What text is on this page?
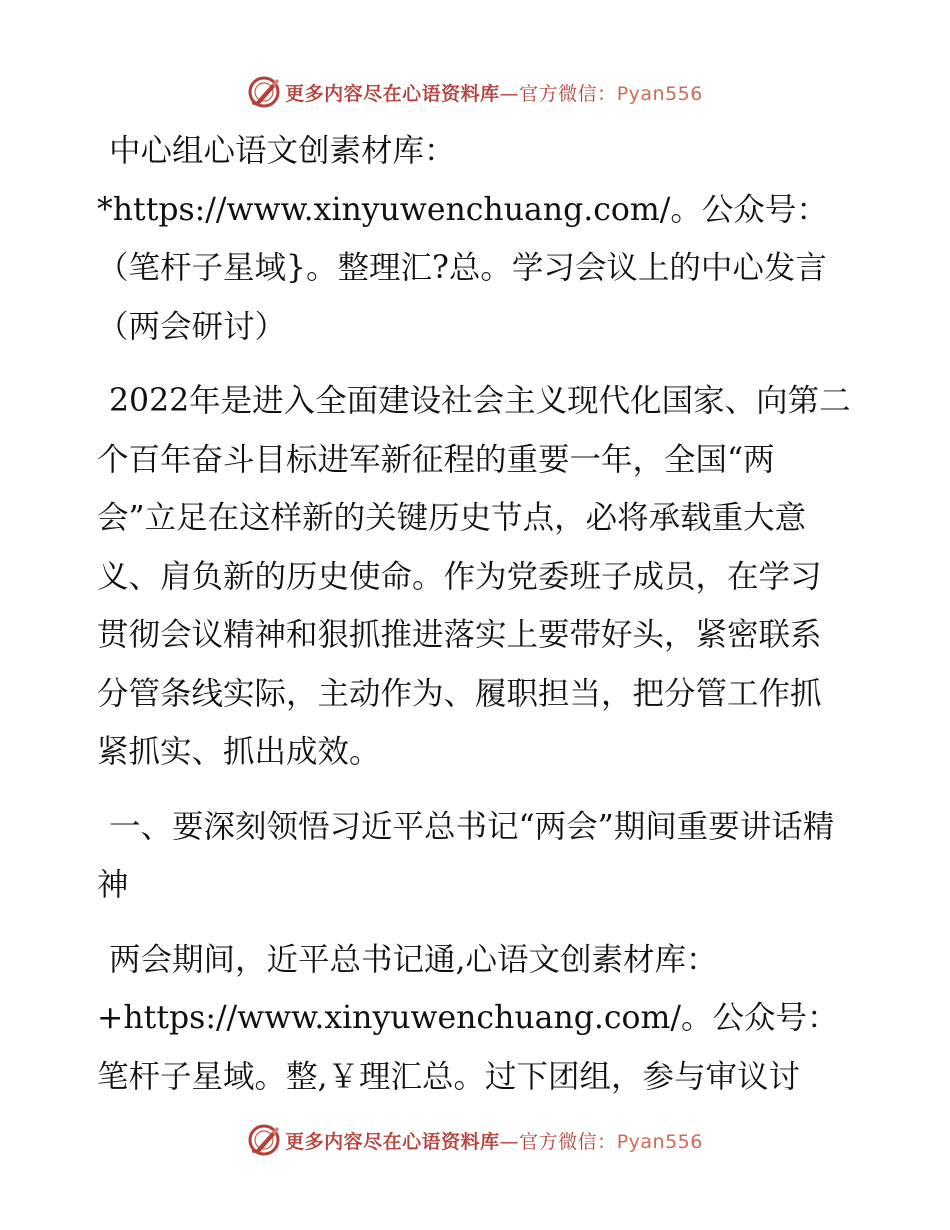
更多内容尽在心语资料库—官方微信：Pyan556

中心组心语文创素材库：*https://www.xinyuwenchuang.com/。公众号：（笔杆子星域}。整理汇?总。学习会议上的中心发言（两会研讨）

2022年是进入全面建设社会主义现代化国家、向第二个百年奋斗目标进军新征程的重要一年，全国“两会”立足在这样新的关键历史节点，必将承载重大意义、肩负新的历史使命。作为党委班子成员，在学习贯彻会议精神和狠抓推进落实上要带好头，紧密联系分管条线实际，主动作为、履职担当，把分管工作抓紧抓实、抓出成效。

一、要深刻领悟习近平总书记“两会”期间重要讲话精神

两会期间，近平总书记通,心语文创素材库：+https://www.xinyuwenchuang.com/。公众号：笔杆子星域。整,￥理汇总。过下团组，参与审议讨

更多内容尽在心语资料库—官方微信：Pyan556
